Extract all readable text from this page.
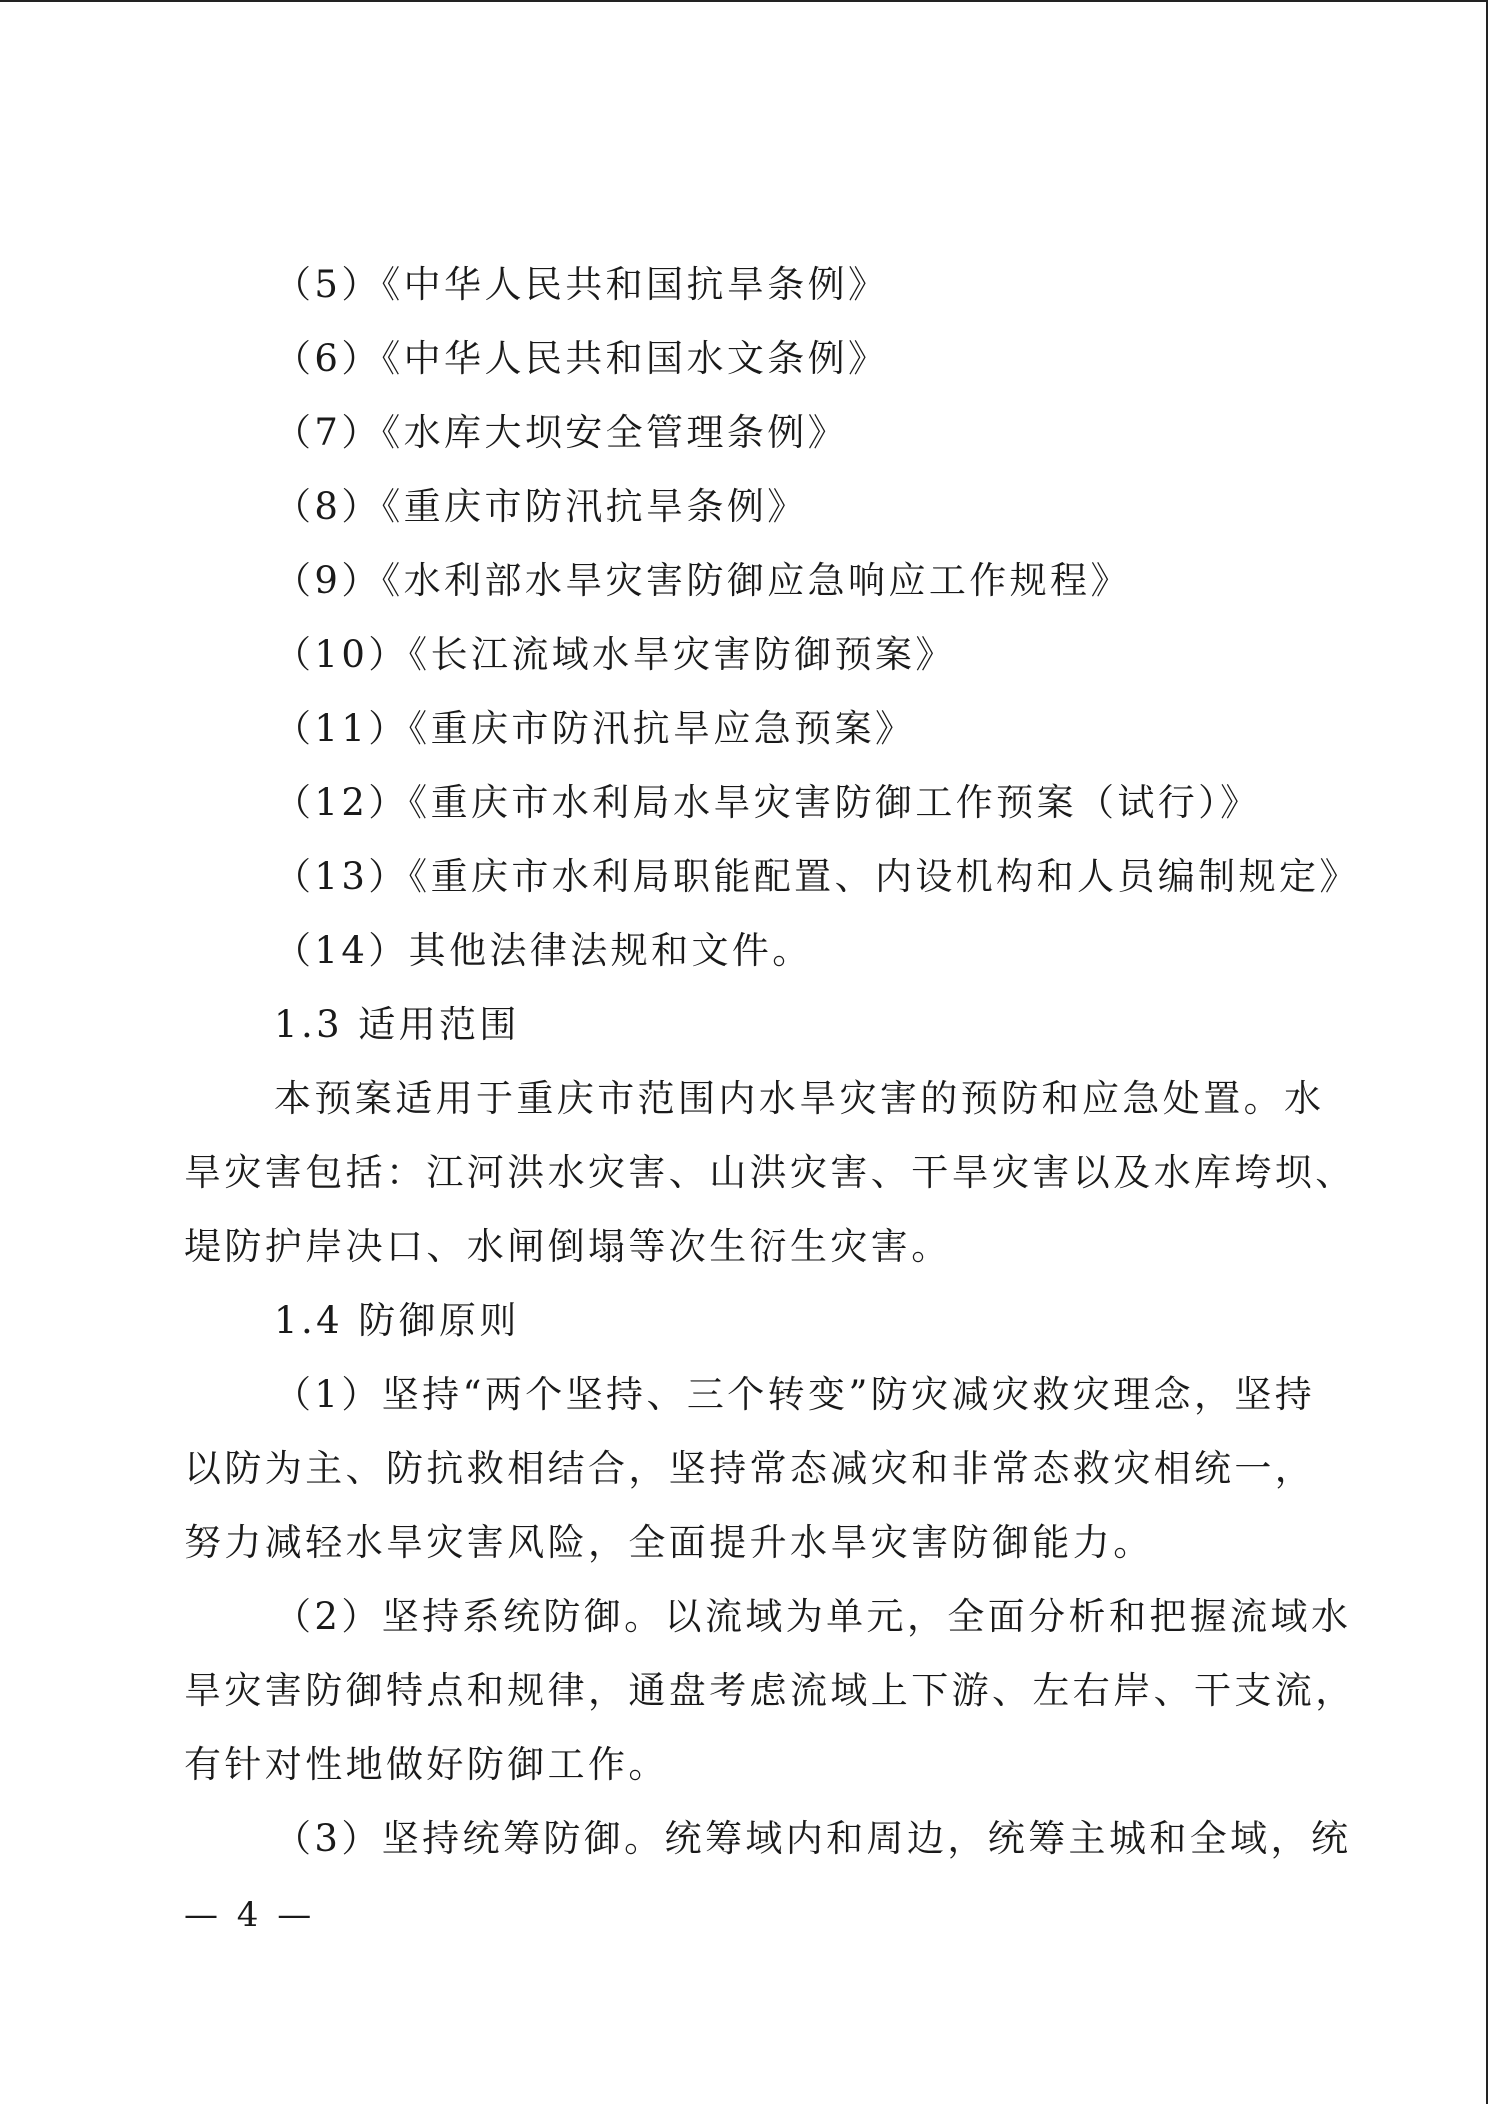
（5）《中华人民共和国抗旱条例》
（6）《中华人民共和国水文条例》
（7）《水库大坝安全管理条例》
（8）《重庆市防汛抗旱条例》
（9）《水利部水旱灾害防御应急响应工作规程》
（10）《长江流域水旱灾害防御预案》
（11）《重庆市防汛抗旱应急预案》
（12）《重庆市水利局水旱灾害防御工作预案（试行）》
（13）《重庆市水利局职能配置、内设机构和人员编制规定》
（14）其他法律法规和文件。
1.3 适用范围
本预案适用于重庆市范围内水旱灾害的预防和应急处置。水
旱灾害包括：江河洪水灾害、山洪灾害、干旱灾害以及水库垮坝、
堤防护岸决口、水闸倒塌等次生衍生灾害。
1.4 防御原则
（1）坚持“两个坚持、三个转变”防灾减灾救灾理念，坚持
以防为主、防抗救相结合，坚持常态减灾和非常态救灾相统一，
努力减轻水旱灾害风险，全面提升水旱灾害防御能力。
（2）坚持系统防御。以流域为单元，全面分析和把握流域水
旱灾害防御特点和规律，通盘考虑流域上下游、左右岸、干支流，
有针对性地做好防御工作。
（3）坚持统筹防御。统筹域内和周边，统筹主城和全域，统
— 4 —
